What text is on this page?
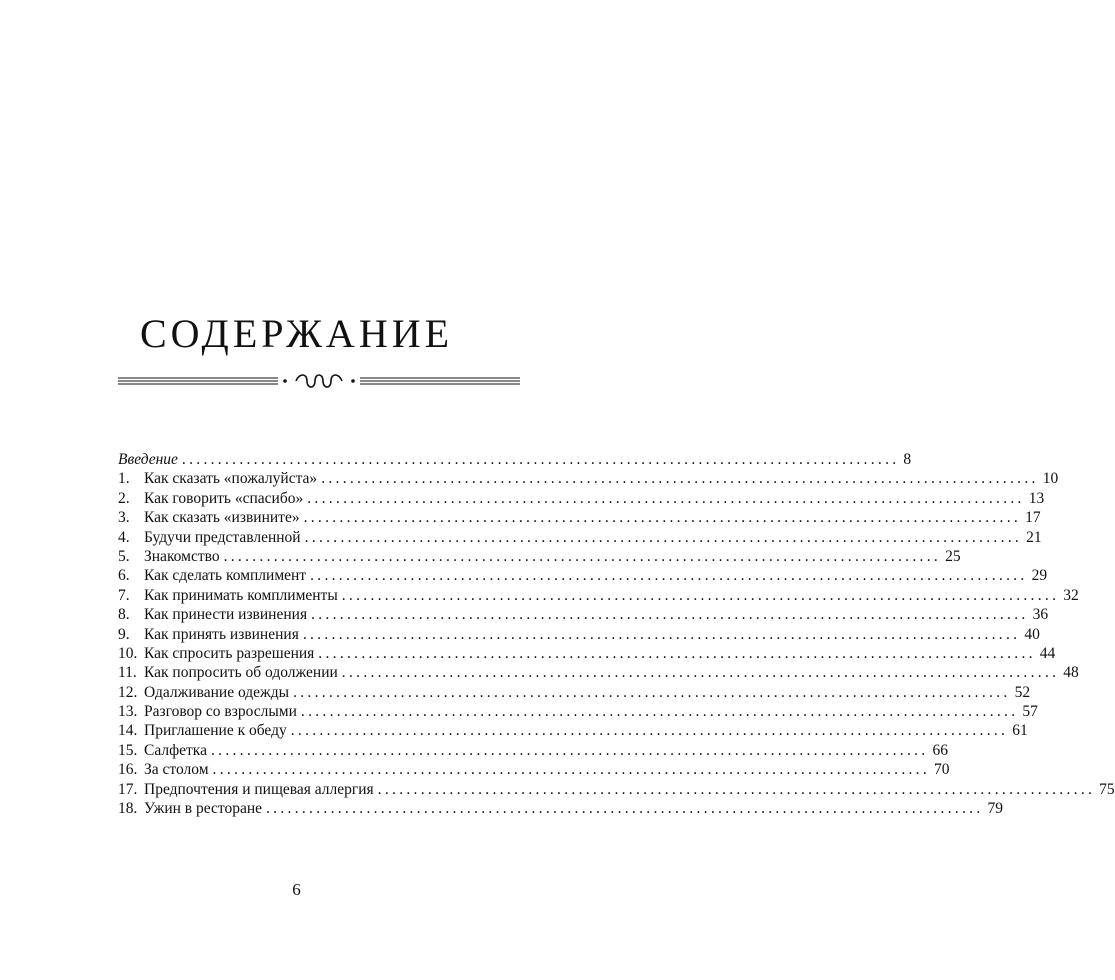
СОДЕРЖАНИЕ
Введение .................................................................................................... 8
1. Как сказать «пожалуйста» .................................................................................................... 10
2. Как говорить «спасибо» .................................................................................................... 13
3. Как сказать «извините» .................................................................................................... 17
4. Будучи представленной .................................................................................................... 21
5. Знакомство .................................................................................................... 25
6. Как сделать комплимент .................................................................................................... 29
7. Как принимать комплименты .................................................................................................... 32
8. Как принести извинения .................................................................................................... 36
9. Как принять извинения .................................................................................................... 40
10. Как спросить разрешения .................................................................................................... 44
11. Как попросить об одолжении .................................................................................................... 48
12. Одалживание одежды .................................................................................................... 52
13. Разговор со взрослыми .................................................................................................... 57
14. Приглашение к обеду .................................................................................................... 61
15. Салфетка .................................................................................................... 66
16. За столом .................................................................................................... 70
17. Предпочтения и пищевая аллергия .................................................................................................... 75
18. Ужин в ресторане .................................................................................................... 79
6
